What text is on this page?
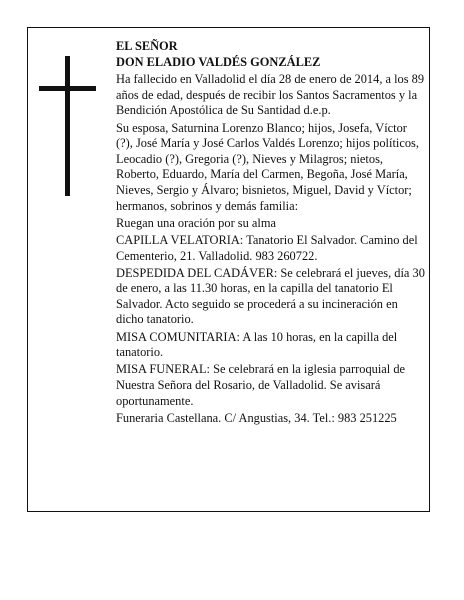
EL SEÑOR

DON ELADIO VALDÉS GONZÁLEZ

Ha fallecido en Valladolid el día 28 de enero de 2014, a los 89 años de edad, después de recibir los Santos Sacramentos y la Bendición Apostólica de Su Santidad d.e.p.

Su esposa, Saturnina Lorenzo Blanco; hijos, Josefa, Víctor (?), José María y José Carlos Valdés Lorenzo; hijos políticos, Leocadio (?), Gregoria (?), Nieves y Milagros; nietos, Roberto, Eduardo, María del Carmen, Begoña, José María, Nieves, Sergio y Álvaro; bisnietos, Miguel, David y Víctor; hermanos, sobrinos y demás familia:

Ruegan una oración por su alma

CAPILLA VELATORIA: Tanatorio El Salvador. Camino del Cementerio, 21. Valladolid. 983 260722.

DESPEDIDA DEL CADÁVER: Se celebrará el jueves, día 30 de enero, a las 11.30 horas, en la capilla del tanatorio El Salvador. Acto seguido se procederá a su incineración en dicho tanatorio.

MISA COMUNITARIA: A las 10 horas, en la capilla del tanatorio.

MISA FUNERAL: Se celebrará en la iglesia parroquial de Nuestra Señora del Rosario, de Valladolid. Se avisará oportunamente.

Funeraria Castellana. C/ Angustias, 34. Tel.: 983 251225
